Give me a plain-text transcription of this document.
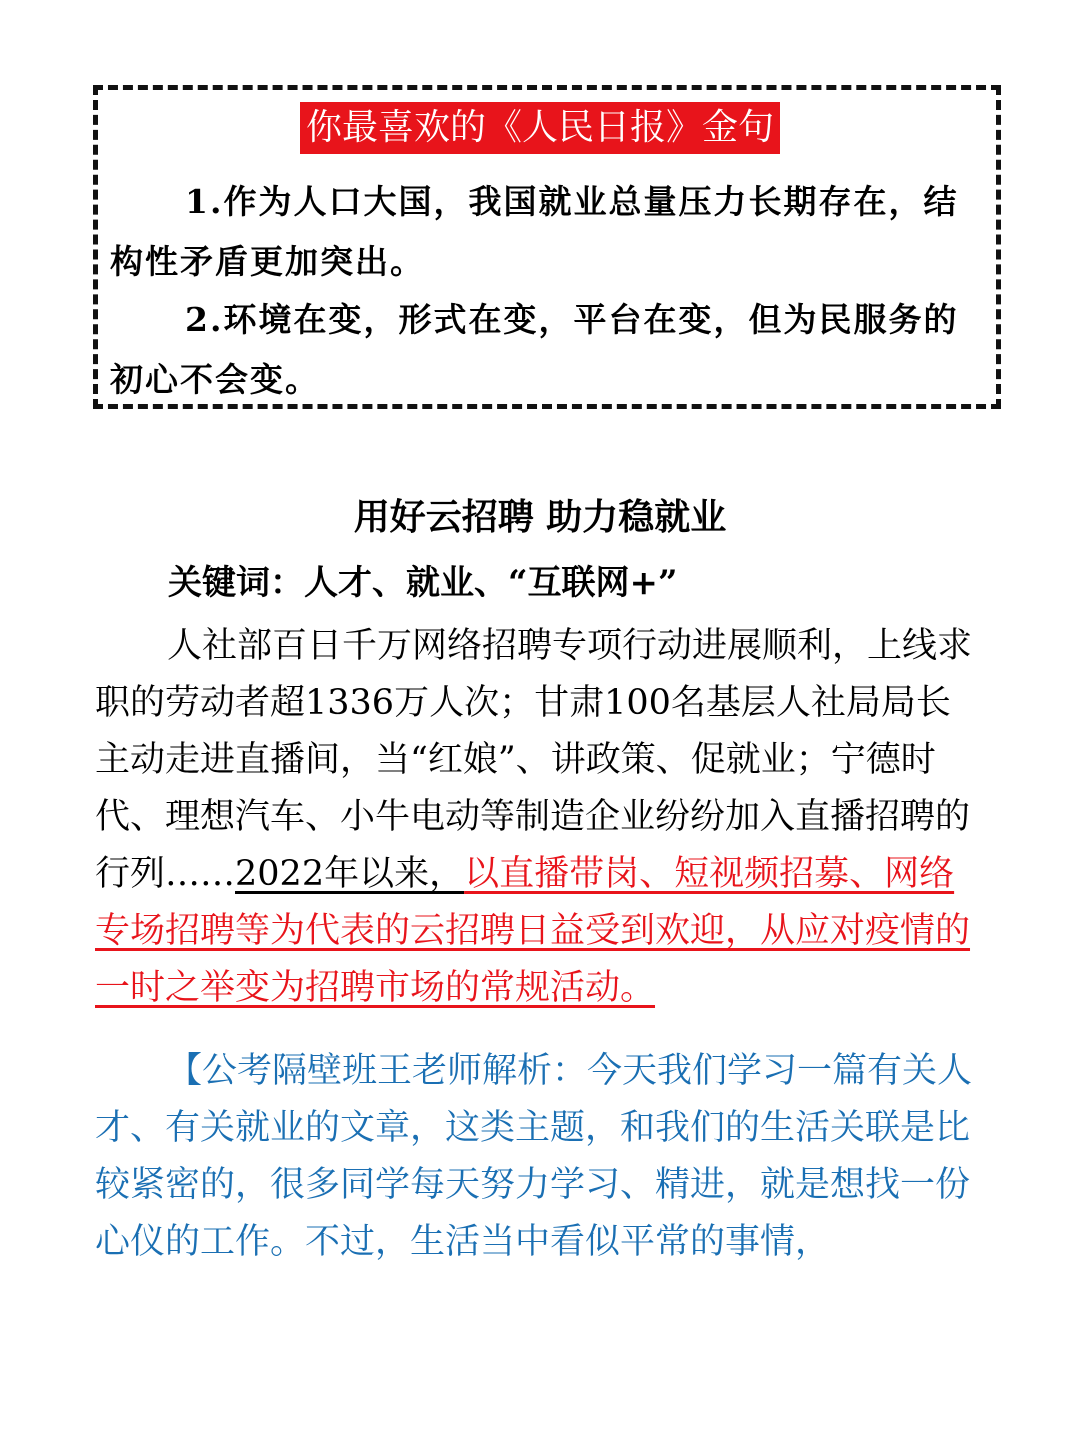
你最喜欢的《人民日报》金句

1.作为人口大国，我国就业总量压力长期存在，结构性矛盾更加突出。

2.环境在变，形式在变，平台在变，但为民服务的初心不会变。

用好云招聘 助力稳就业

关键词：人才、就业、“互联网+”

人社部百日千万网络招聘专项行动进展顺利，上线求职的劳动者超1336万人次；甘肃100名基层人社局局长主动走进直播间，当“红娘”、讲政策、促就业；宁德时代、理想汽车、小牛电动等制造企业纷纷加入直播招聘的行列……2022年以来，以直播带岗、短视频招募、网络专场招聘等为代表的云招聘日益受到欢迎，从应对疫情的一时之举变为招聘市场的常规活动。

【公考隔壁班王老师解析：今天我们学习一篇有关人才、有关就业的文章，这类主题，和我们的生活关联是比较紧密的，很多同学每天努力学习、精进，就是想找一份心仪的工作。不过，生活当中看似平常的事情，
